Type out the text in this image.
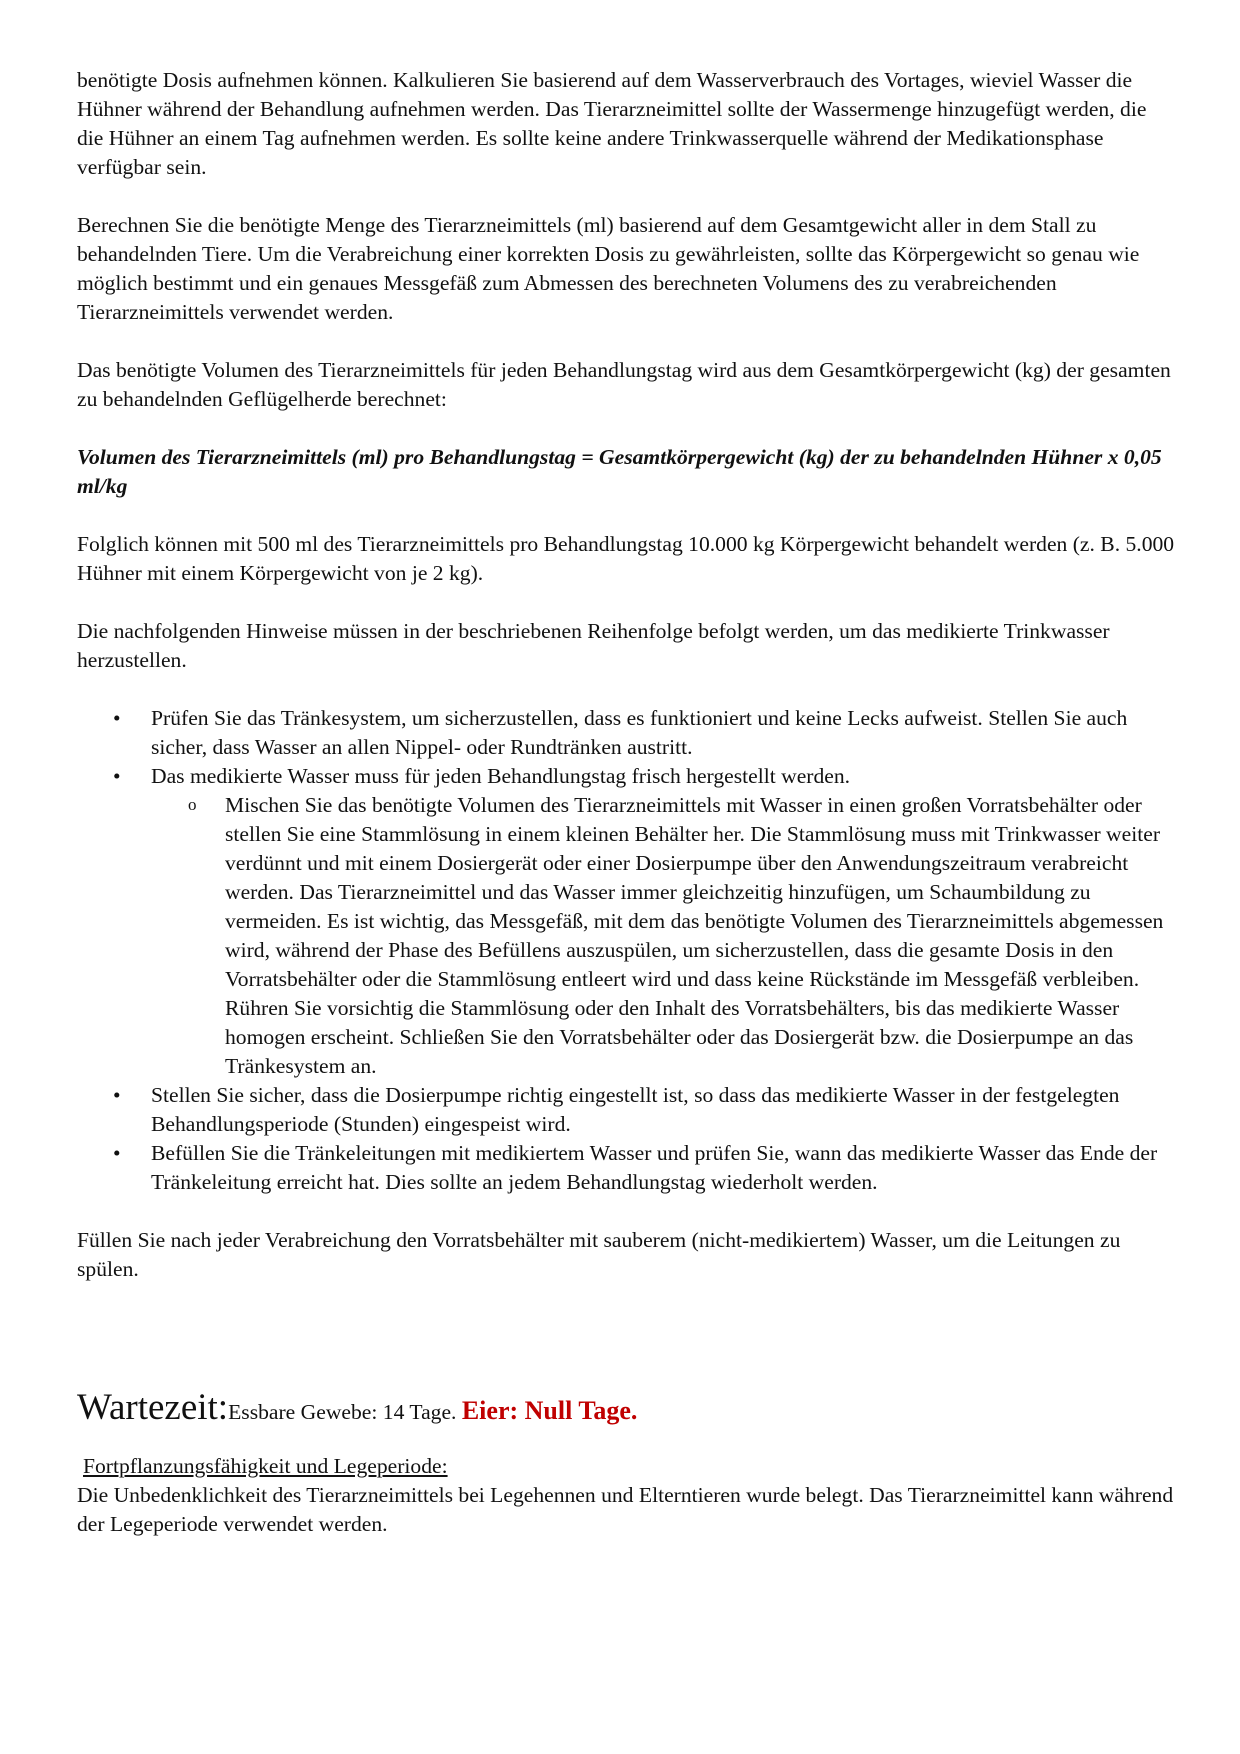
benötigte Dosis aufnehmen können. Kalkulieren Sie basierend auf dem Wasserverbrauch des Vortages, wieviel Wasser die Hühner während der Behandlung aufnehmen werden. Das Tierarzneimittel sollte der Wassermenge hinzugefügt werden, die die Hühner an einem Tag aufnehmen werden. Es sollte keine andere Trinkwasserquelle während der Medikationsphase verfügbar sein.

Berechnen Sie die benötigte Menge des Tierarzneimittels (ml) basierend auf dem Gesamtgewicht aller in dem Stall zu behandelnden Tiere. Um die Verabreichung einer korrekten Dosis zu gewährleisten, sollte das Körpergewicht so genau wie möglich bestimmt und ein genaues Messgefäß zum Abmessen des berechneten Volumens des zu verabreichenden Tierarzneimittels verwendet werden.

Das benötigte Volumen des Tierarzneimittels für jeden Behandlungstag wird aus dem Gesamtkörpergewicht (kg) der gesamten zu behandelnden Geflügelherde berechnet:

Volumen des Tierarzneimittels (ml) pro Behandlungstag = Gesamtkörpergewicht (kg) der zu behandelnden Hühner x 0,05 ml/kg

Folglich können mit 500 ml des Tierarzneimittels pro Behandlungstag 10.000 kg Körpergewicht behandelt werden (z. B. 5.000 Hühner mit einem Körpergewicht von je 2 kg).

Die nachfolgenden Hinweise müssen in der beschriebenen Reihenfolge befolgt werden, um das medikierte Trinkwasser herzustellen.

• Prüfen Sie das Tränkesystem, um sicherzustellen, dass es funktioniert und keine Lecks aufweist. Stellen Sie auch sicher, dass Wasser an allen Nippel- oder Rundtränken austritt.
• Das medikierte Wasser muss für jeden Behandlungstag frisch hergestellt werden.
o Mischen Sie das benötigte Volumen des Tierarzneimittels mit Wasser in einen großen Vorratsbehälter oder stellen Sie eine Stammlösung in einem kleinen Behälter her. Die Stammlösung muss mit Trinkwasser weiter verdünnt und mit einem Dosiergerät oder einer Dosierpumpe über den Anwendungszeitraum verabreicht werden. Das Tierarzneimittel und das Wasser immer gleichzeitig hinzufügen, um Schaumbildung zu vermeiden. Es ist wichtig, das Messgefäß, mit dem das benötigte Volumen des Tierarzneimittels abgemessen wird, während der Phase des Befüllens auszuspülen, um sicherzustellen, dass die gesamte Dosis in den Vorratsbehälter oder die Stammlösung entleert wird und dass keine Rückstände im Messgefäß verbleiben. Rühren Sie vorsichtig die Stammlösung oder den Inhalt des Vorratsbehälters, bis das medikierte Wasser homogen erscheint. Schließen Sie den Vorratsbehälter oder das Dosiergerät bzw. die Dosierpumpe an das Tränkesystem an.
• Stellen Sie sicher, dass die Dosierpumpe richtig eingestellt ist, so dass das medikierte Wasser in der festgelegten Behandlungsperiode (Stunden) eingespeist wird.
• Befüllen Sie die Tränkeleitungen mit medikiertem Wasser und prüfen Sie, wann das medikierte Wasser das Ende der Tränkeleitung erreicht hat. Dies sollte an jedem Behandlungstag wiederholt werden.

Füllen Sie nach jeder Verabreichung den Vorratsbehälter mit sauberem (nicht-medikiertem) Wasser, um die Leitungen zu spülen.

Wartezeit:Essbare Gewebe: 14 Tage. Eier: Null Tage.

Fortpflanzungsfähigkeit und Legeperiode:

Die Unbedenklichkeit des Tierarzneimittels bei Legehennen und Elterntieren wurde belegt. Das Tierarzneimittel kann während der Legeperiode verwendet werden.
